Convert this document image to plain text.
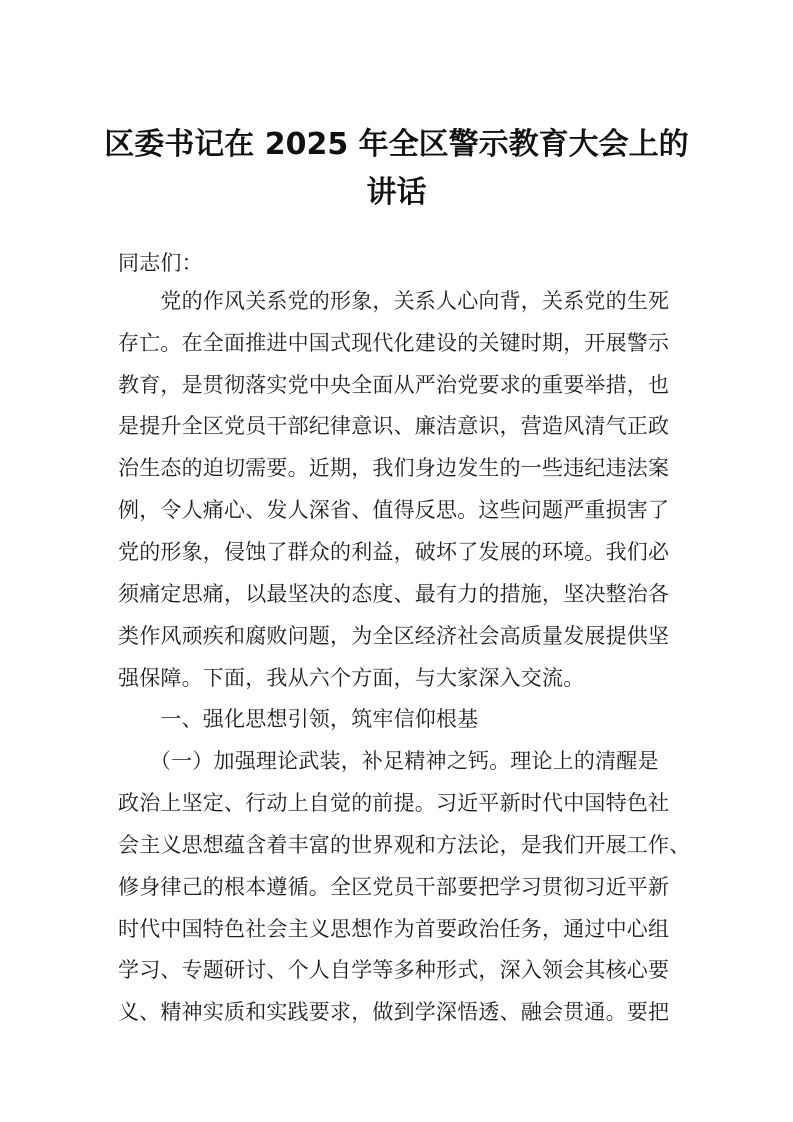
区委书记在 2025 年全区警示教育大会上的
讲话
同志们：
　　党的作风关系党的形象，关系人心向背，关系党的生死
存亡。在全面推进中国式现代化建设的关键时期，开展警示
教育，是贯彻落实党中央全面从严治党要求的重要举措，也
是提升全区党员干部纪律意识、廉洁意识，营造风清气正政
治生态的迫切需要。近期，我们身边发生的一些违纪违法案
例，令人痛心、发人深省、值得反思。这些问题严重损害了
党的形象，侵蚀了群众的利益，破坏了发展的环境。我们必
须痛定思痛，以最坚决的态度、最有力的措施，坚决整治各
类作风顽疾和腐败问题，为全区经济社会高质量发展提供坚
强保障。下面，我从六个方面，与大家深入交流。
　　一、强化思想引领，筑牢信仰根基
　　（一）加强理论武装，补足精神之钙。理论上的清醒是
政治上坚定、行动上自觉的前提。习近平新时代中国特色社
会主义思想蕴含着丰富的世界观和方法论，是我们开展工作、
修身律己的根本遵循。全区党员干部要把学习贯彻习近平新
时代中国特色社会主义思想作为首要政治任务，通过中心组
学习、专题研讨、个人自学等多种形式，深入领会其核心要
义、精神实质和实践要求，做到学深悟透、融会贯通。要把
